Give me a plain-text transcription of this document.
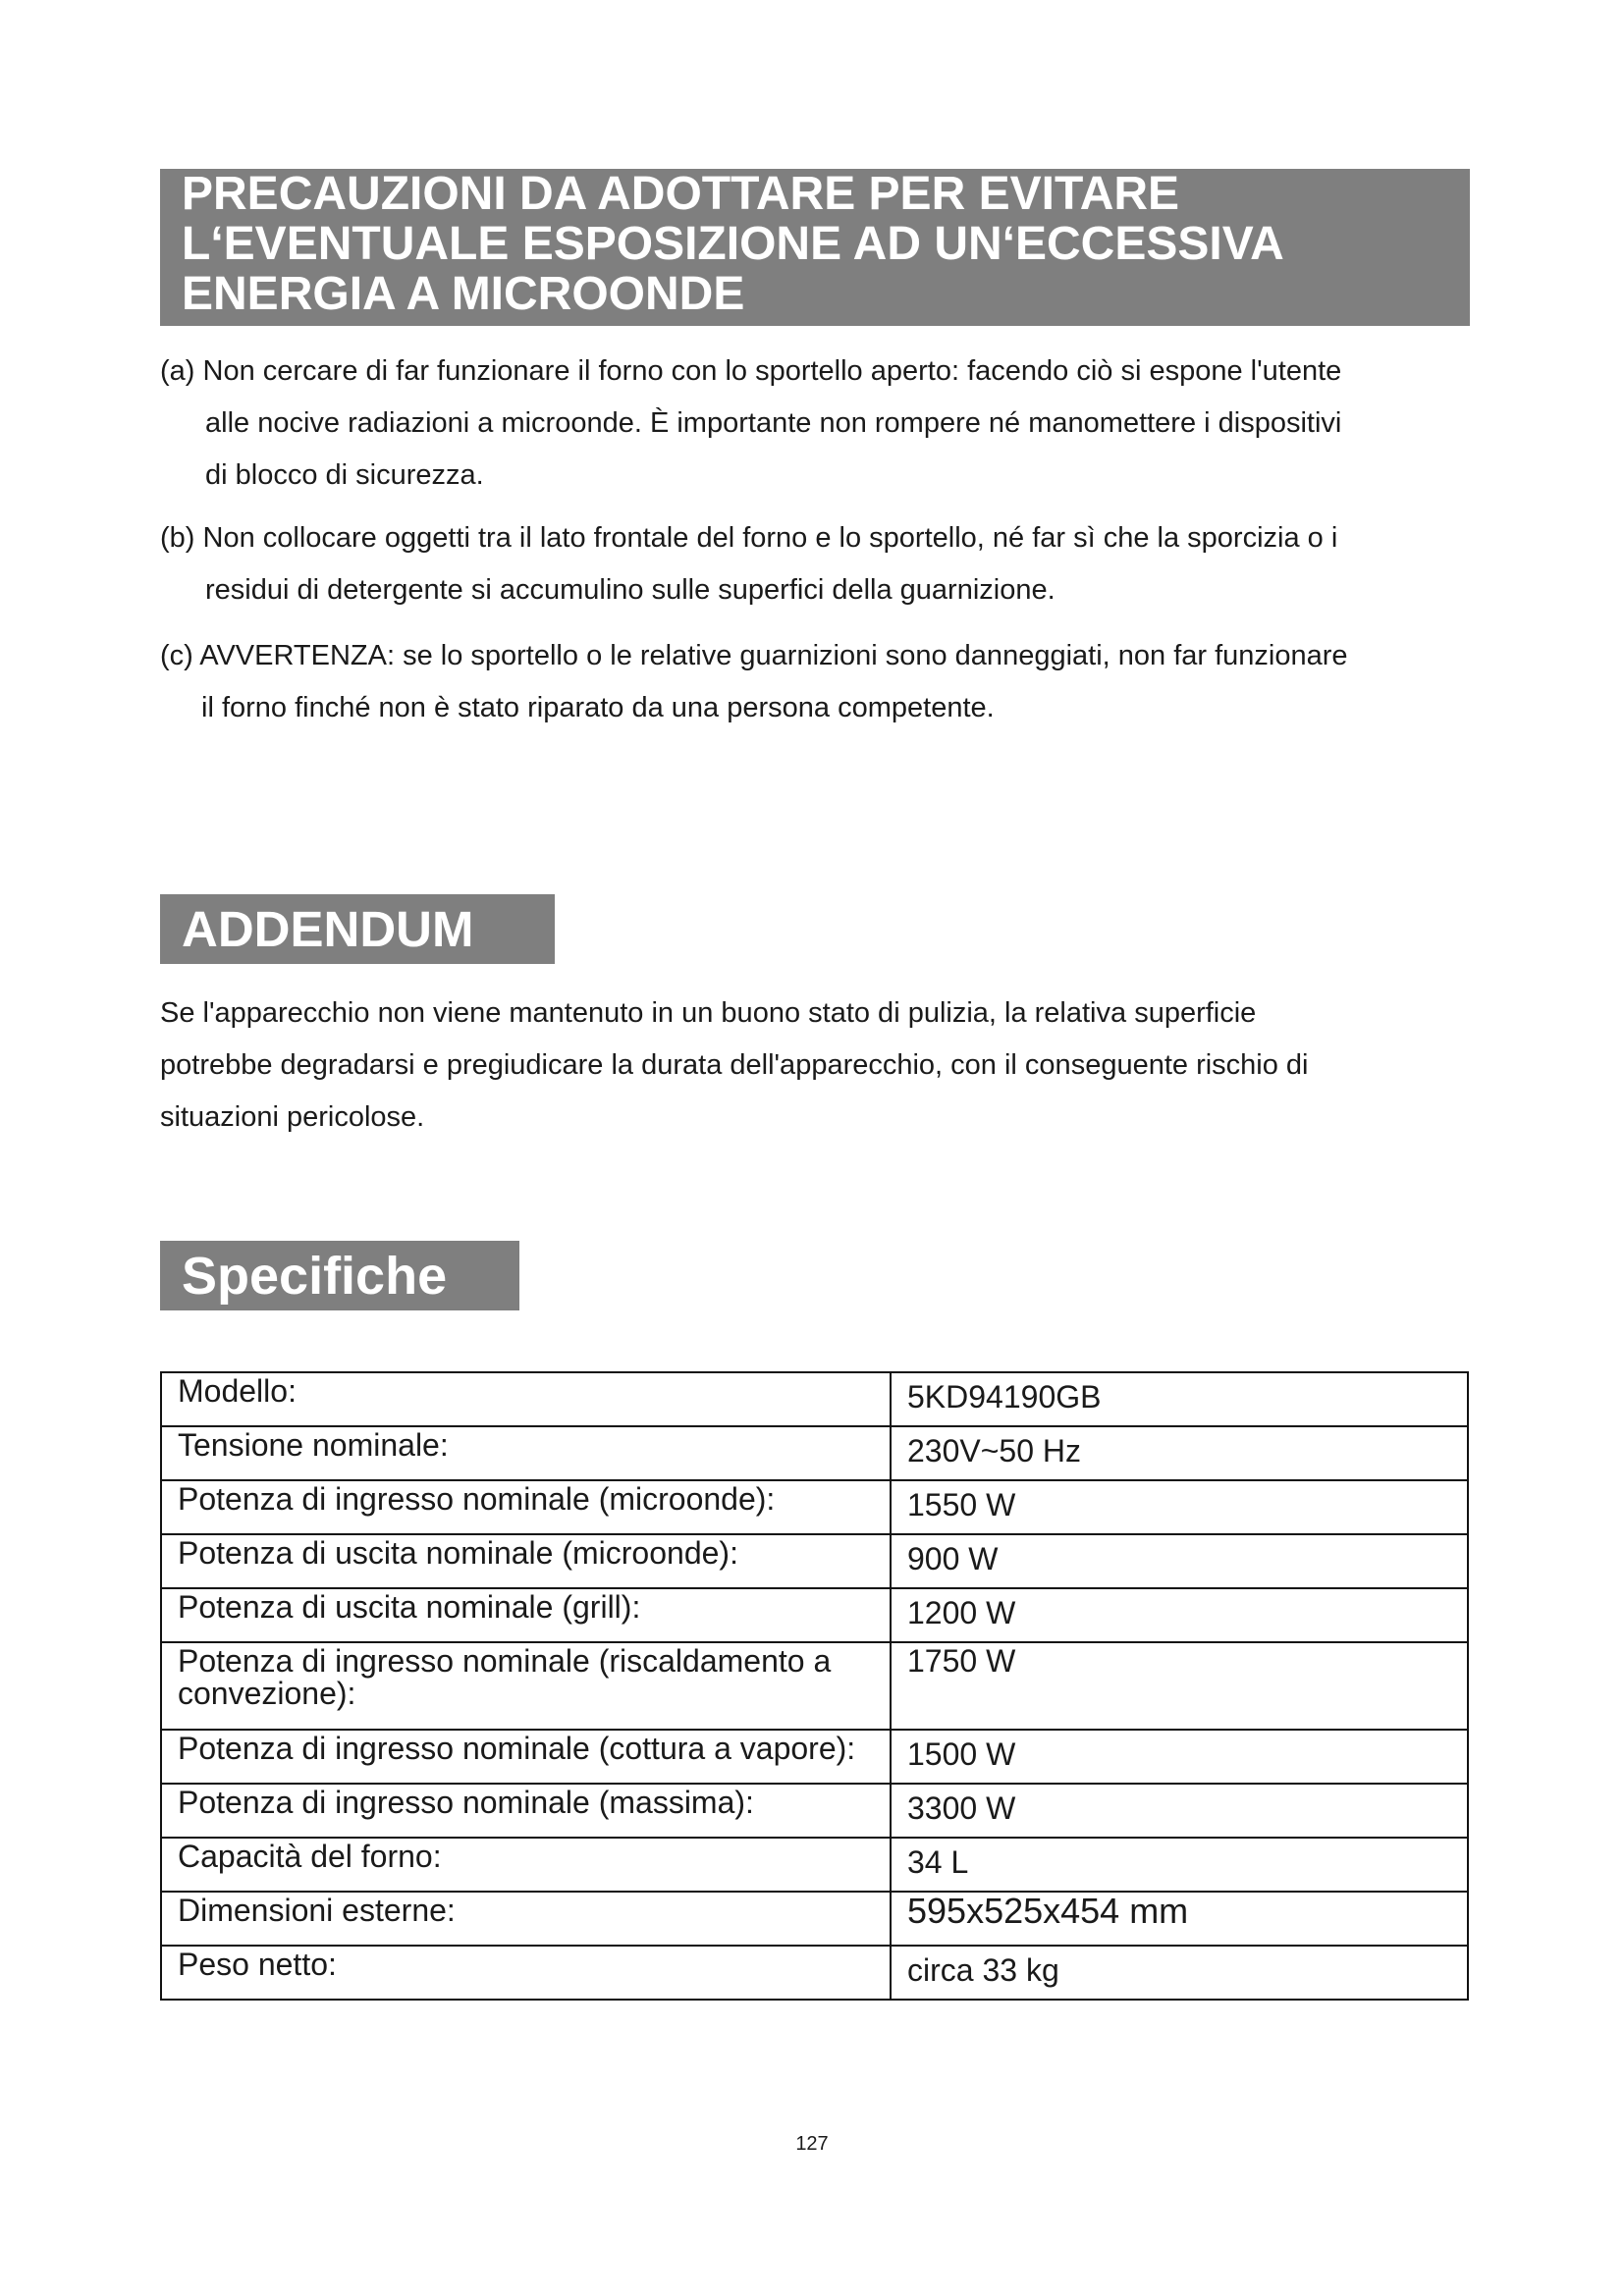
PRECAUZIONI DA ADOTTARE PER EVITARE
L‘EVENTUALE ESPOSIZIONE AD UN‘ECCESSIVA
ENERGIA A MICROONDE
(a) Non cercare di far funzionare il forno con lo sportello aperto: facendo ciò si espone l'utente
alle nocive radiazioni a microonde. È importante non rompere né manomettere i dispositivi
di blocco di sicurezza.
(b) Non collocare oggetti tra il lato frontale del forno e lo sportello, né far sì che la sporcizia o i
residui di detergente si accumulino sulle superfici della guarnizione.
(c) AVVERTENZA: se lo sportello o le relative guarnizioni sono danneggiati, non far funzionare
il forno finché non è stato riparato da una persona competente.
ADDENDUM
Se l'apparecchio non viene mantenuto in un buono stato di pulizia, la relativa superficie
potrebbe degradarsi e pregiudicare la durata dell'apparecchio, con il conseguente rischio di
situazioni pericolose.
Specifiche
Modello:	5KD94190GB
Tensione nominale:	230V~50 Hz
Potenza di ingresso nominale (microonde):	1550 W
Potenza di uscita nominale (microonde):	900 W
Potenza di uscita nominale (grill):	1200 W

Potenza di ingresso nominale (riscaldamento a
convezione):	1750 W
Potenza di ingresso nominale (cottura a vapore):	1500 W
Potenza di ingresso nominale (massima):	3300 W
Capacità del forno:	34 L
Dimensioni esterne:	595x525x454 mm
Peso netto:	circa 33 kg
127
